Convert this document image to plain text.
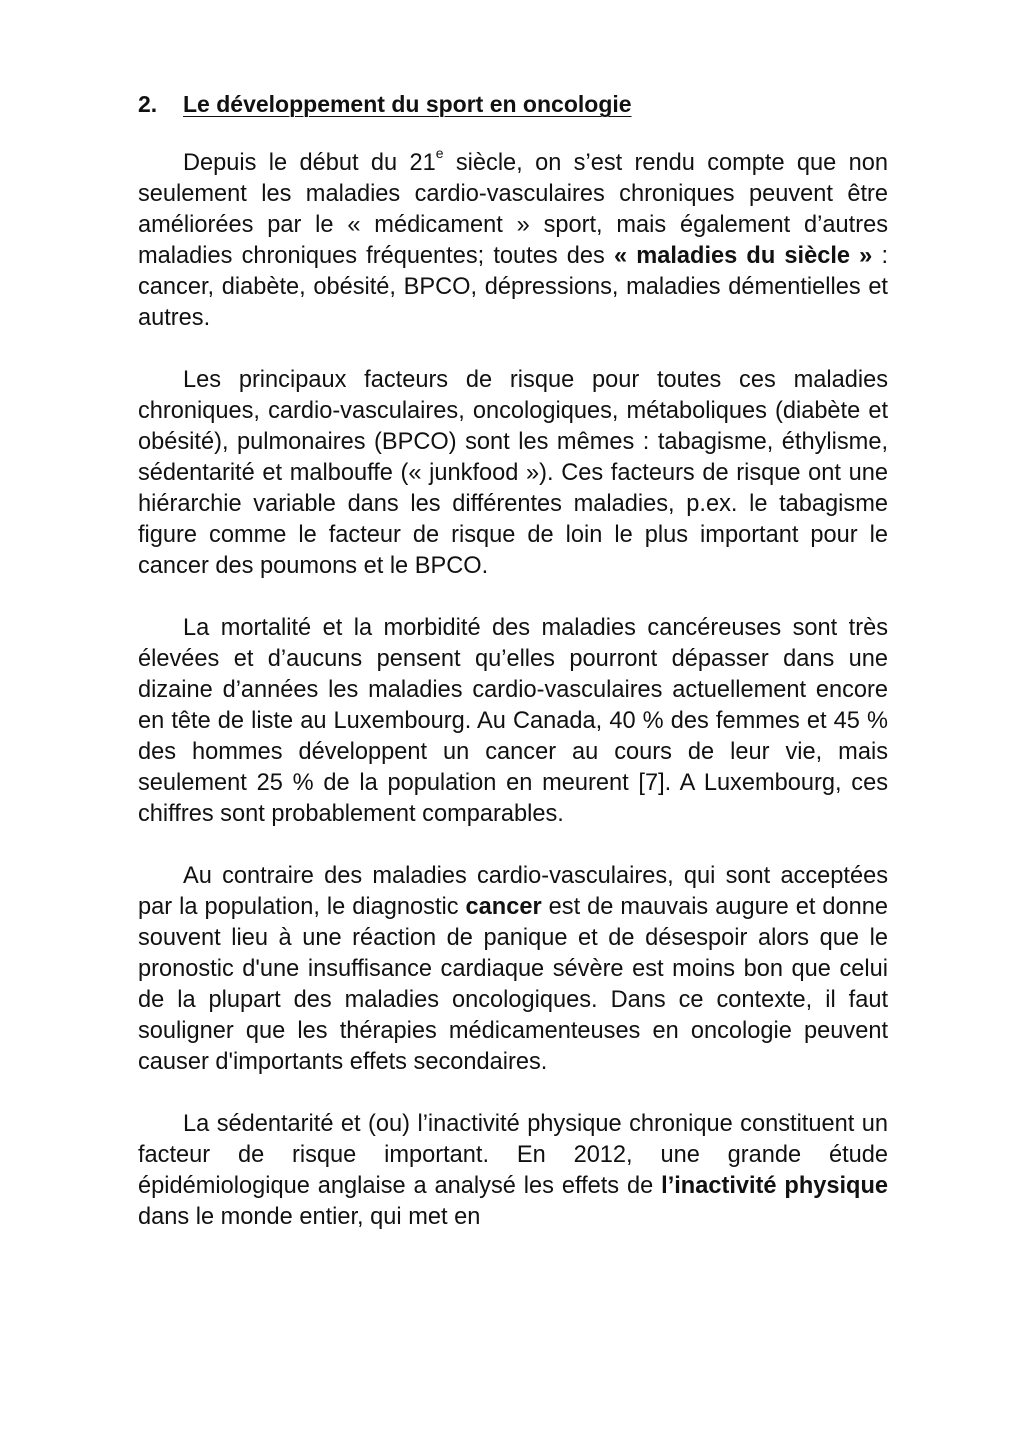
2.	Le développement du sport en oncologie

Depuis le début du 21e siècle, on s’est rendu compte que non seulement les maladies cardio-vasculaires chroniques peuvent être améliorées par le « médicament » sport, mais également d’autres maladies chroniques fréquentes; toutes des « maladies du siècle » : cancer, diabète, obésité, BPCO, dépressions, maladies démentielles et autres.

Les principaux facteurs de risque pour toutes ces maladies chroniques, cardio-vasculaires, oncologiques, métaboliques (diabète et obésité), pulmonaires (BPCO) sont les mêmes : tabagisme, éthylisme, sédentarité et malbouffe (« junkfood »). Ces facteurs de risque ont une hiérarchie variable dans les différentes maladies, p.ex. le tabagisme figure comme le facteur de risque de loin le plus important pour le cancer des poumons et le BPCO.

La mortalité et la morbidité des maladies cancéreuses sont très élevées et d’aucuns pensent qu’elles pourront dépasser dans une dizaine d’années les maladies cardio-vasculaires actuellement encore en tête de liste au Luxembourg. Au Canada, 40 % des femmes et 45 % des hommes développent un cancer au cours de leur vie, mais seulement 25 % de la population en meurent [7]. A Luxembourg, ces chiffres sont probablement comparables.

Au contraire des maladies cardio-vasculaires, qui sont acceptées par la population, le diagnostic cancer est de mauvais augure et donne souvent lieu à une réaction de panique et de désespoir alors que le pronostic d'une insuffisance cardiaque sévère est moins bon que celui de la plupart des maladies oncologiques. Dans ce contexte, il faut souligner que les thérapies médicamenteuses en oncologie peuvent causer d'importants effets secondaires.

La sédentarité et (ou) l’inactivité physique chronique constituent un facteur de risque important. En 2012, une grande étude épidémiologique anglaise a analysé les effets de l’inactivité physique dans le monde entier, qui met en
